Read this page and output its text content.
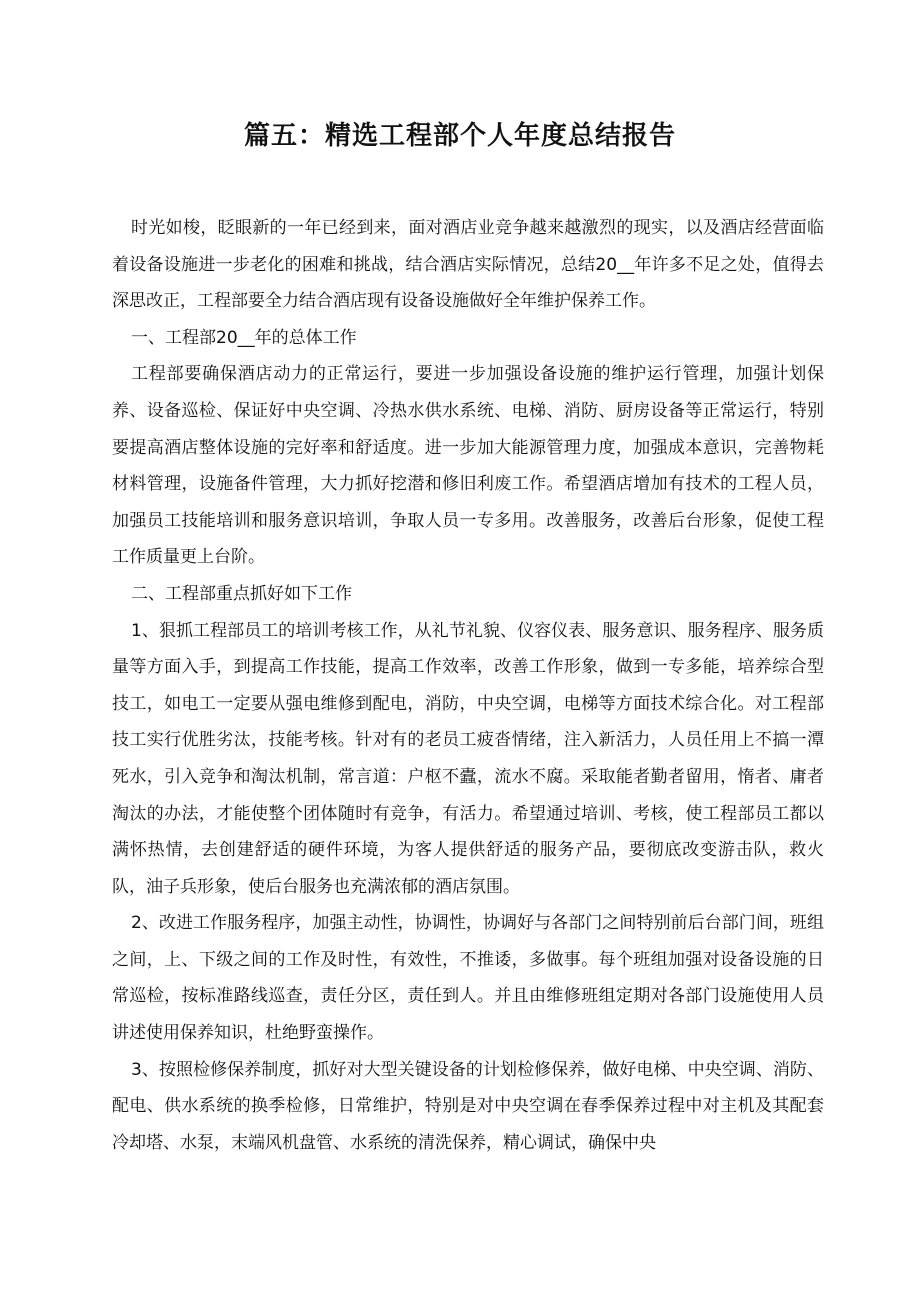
篇五：精选工程部个人年度总结报告

时光如梭，眨眼新的一年已经到来，面对酒店业竞争越来越激烈的现实，以及酒店经营面临着设备设施进一步老化的困难和挑战，结合酒店实际情况，总结20__年许多不足之处，值得去深思改正，工程部要全力结合酒店现有设备设施做好全年维护保养工作。

一、工程部20__年的总体工作

工程部要确保酒店动力的正常运行，要进一步加强设备设施的维护运行管理，加强计划保养、设备巡检、保证好中央空调、冷热水供水系统、电梯、消防、厨房设备等正常运行，特别要提高酒店整体设施的完好率和舒适度。进一步加大能源管理力度，加强成本意识，完善物耗材料管理，设施备件管理，大力抓好挖潜和修旧利废工作。希望酒店增加有技术的工程人员，加强员工技能培训和服务意识培训，争取人员一专多用。改善服务，改善后台形象，促使工程工作质量更上台阶。

二、工程部重点抓好如下工作

1、狠抓工程部员工的培训考核工作，从礼节礼貌、仪容仪表、服务意识、服务程序、服务质量等方面入手，到提高工作技能，提高工作效率，改善工作形象，做到一专多能，培养综合型技工，如电工一定要从强电维修到配电，消防，中央空调，电梯等方面技术综合化。对工程部技工实行优胜劣汰，技能考核。针对有的老员工疲沓情绪，注入新活力，人员任用上不搞一潭死水，引入竞争和淘汰机制，常言道：户枢不蠹，流水不腐。采取能者勤者留用，惰者、庸者淘汰的办法，才能使整个团体随时有竞争，有活力。希望通过培训、考核，使工程部员工都以满怀热情，去创建舒适的硬件环境，为客人提供舒适的服务产品，要彻底改变游击队，救火队，油子兵形象，使后台服务也充满浓郁的酒店氛围。

2、改进工作服务程序，加强主动性，协调性，协调好与各部门之间特别前后台部门间，班组之间，上、下级之间的工作及时性，有效性，不推诿，多做事。每个班组加强对设备设施的日常巡检，按标准路线巡查，责任分区，责任到人。并且由维修班组定期对各部门设施使用人员讲述使用保养知识，杜绝野蛮操作。

3、按照检修保养制度，抓好对大型关键设备的计划检修保养，做好电梯、中央空调、消防、配电、供水系统的换季检修，日常维护，特别是对中央空调在春季保养过程中对主机及其配套冷却塔、水泵，末端风机盘管、水系统的清洗保养，精心调试，确保中央
